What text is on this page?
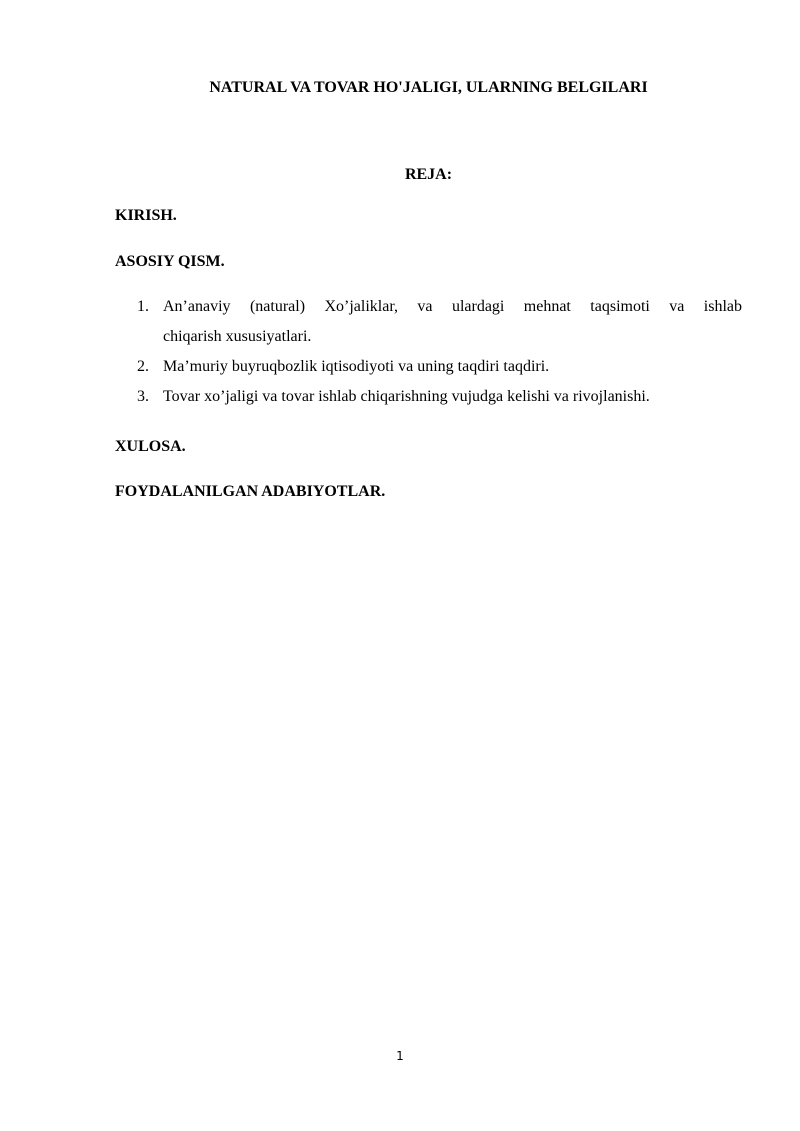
NATURAL VA TOVAR HO'JALIGI, ULARNING BELGILARI
REJA:
KIRISH.
ASOSIY QISM.
1. An’anaviy (natural) Xo’jaliklar, va ulardagi mehnat taqsimoti va ishlab
chiqarish xususiyatlari.
2. Ma’muriy buyruqbozlik iqtisodiyoti va uning taqdiri taqdiri.
3. Tovar xo’jaligi va tovar ishlab chiqarishning vujudga kelishi va rivojlanishi.
XULOSA.
FOYDALANILGAN ADABIYOTLAR.
1
